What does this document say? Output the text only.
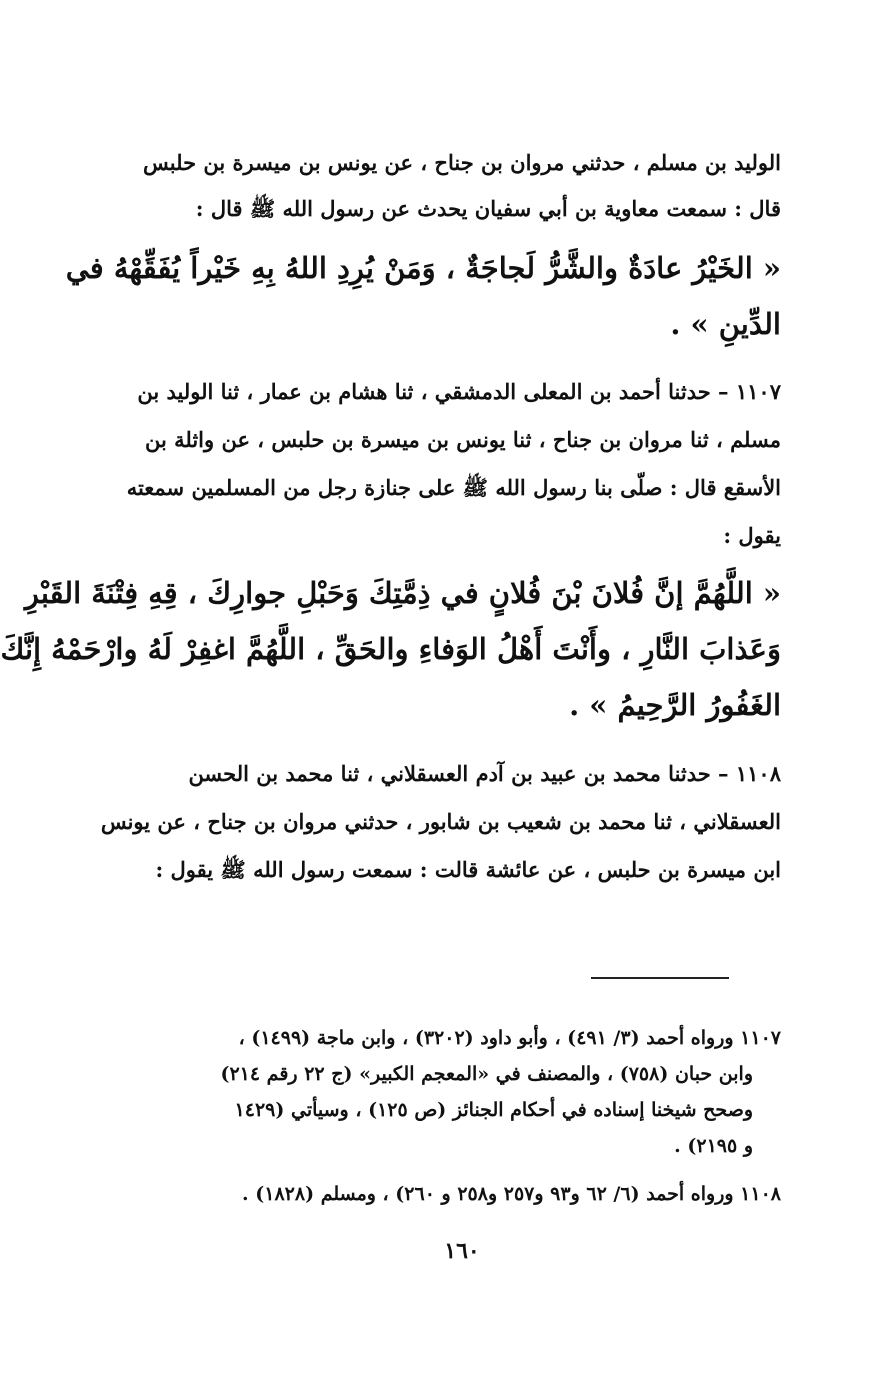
الوليد بن مسلم ، حدثني مروان بن جناح ، عن يونس بن ميسرة بن حلبس
قال : سمعت معاوية بن أبي سفيان يحدث عن رسول الله ﷺ قال :
« الخَيْرُ عادَةٌ والشَّرُّ لَجاجَةٌ ، وَمَنْ يُرِدِ اللهُ بِهِ خَيْراً يُفَقِّهْهُ في
الدِّينِ » .
١١٠٧ – حدثنا أحمد بن المعلى الدمشقي ، ثنا هشام بن عمار ، ثنا الوليد بن
مسلم ، ثنا مروان بن جناح ، ثنا يونس بن ميسرة بن حلبس ، عن واثلة بن
الأسقع قال : صلّى بنا رسول الله ﷺ على جنازة رجل من المسلمين سمعته
يقول :
« اللَّهُمَّ إنَّ فُلانَ بْنَ فُلانٍ في ذِمَّتِكَ وَحَبْلِ جوارِكَ ، قِهِ فِتْنَةَ القَبْرِ
وَعَذابَ النَّارِ ، وأَنْتَ أَهْلُ الوَفاءِ والحَقِّ ، اللَّهُمَّ اغفِرْ لَهُ وارْحَمْهُ إِنَّكَ
الغَفُورُ الرَّحِيمُ » .
١١٠٨ – حدثنا محمد بن عبيد بن آدم العسقلاني ، ثنا محمد بن الحسن
العسقلاني ، ثنا محمد بن شعيب بن شابور ، حدثني مروان بن جناح ، عن يونس
ابن ميسرة بن حلبس ، عن عائشة قالت : سمعت رسول الله ﷺ يقول :
١١٠٧ ورواه أحمد (٣/ ٤٩١) ، وأبو داود (٣٢٠٢) ، وابن ماجة (١٤٩٩) ،
وابن حبان (٧٥٨) ، والمصنف في «المعجم الكبير» (ج ٢٢ رقم ٢١٤)
وصحح شيخنا إسناده في أحكام الجنائز (ص ١٢٥) ، وسيأتي (١٤٢٩
و ٢١٩٥) .
١١٠٨ ورواه أحمد (٦/ ٦٢ و٩٣ و٢٥٧ و٢٥٨ و ٢٦٠) ، ومسلم (١٨٢٨) .
١٦٠
